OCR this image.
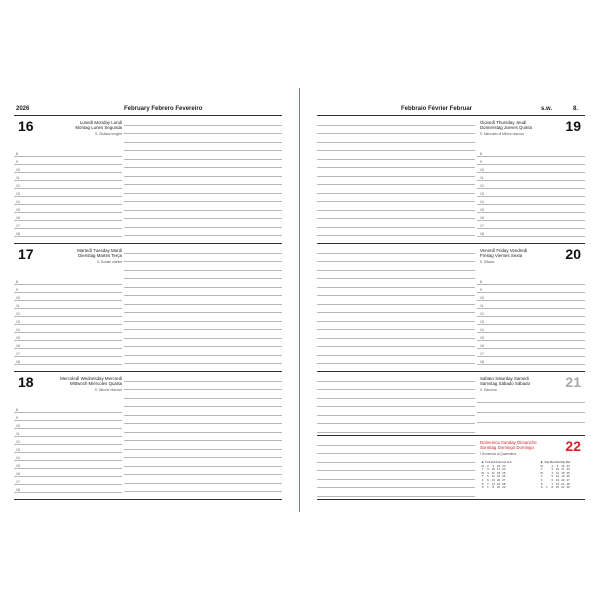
2026	February Febrero Fevereiro
16	Lunedì Monday Lundi
Montag Lunes Segunda
S. Giuliana vergine
17	Martedì Tuesday Mardi
Dienstag Martes Terça
S. Donato martire
18	Mercoledì Wednesday Mercredi
Mittwoch Miércoles Quarta
S. Simone vescovo
8
9
10
11
12
13
14
15
16
17
18
8
9
10
11
12
13
14
15
16
17
18
8
9
10
11
12
13
14
15
16
17
18
Febbraio Février Februar	s.w.	8.
19
Giovedì Thursday Jeudi
Donnerstag Jueves Quinta
S. Mansueto di Milano vescovo
20
Venerdì Friday Vendredi
Freitag Viernes Sexta
S. Silvano
21
Sabato Saturday Samedi
Samstag Sábado Sábado
S. Eleonora
22
Domenica Sunday Dimanche
Sonntag Domingo Domingo
I Domenica di Quaresima
8
9
10
11
12
13
14
15
16
17
18
8
9
10
11
12
13
14
15
16
17
18
■ Feb Feb Feb Feb Feb
M	2	9	16 23
T	3	10 17 24
W	4	11 18 25
T	5	12 19 26
F	6	13 20 27
S	7	14 21 28
S	1	8	15 22
■ Mar Mar Mar Mar Mar
M	2	9	16 23
T	3	10 17 24
W	4	11 18 25
T	5	12 19 26
F	6	13 20 27
S	7	14 21 28
S	1	8	15 22 29
